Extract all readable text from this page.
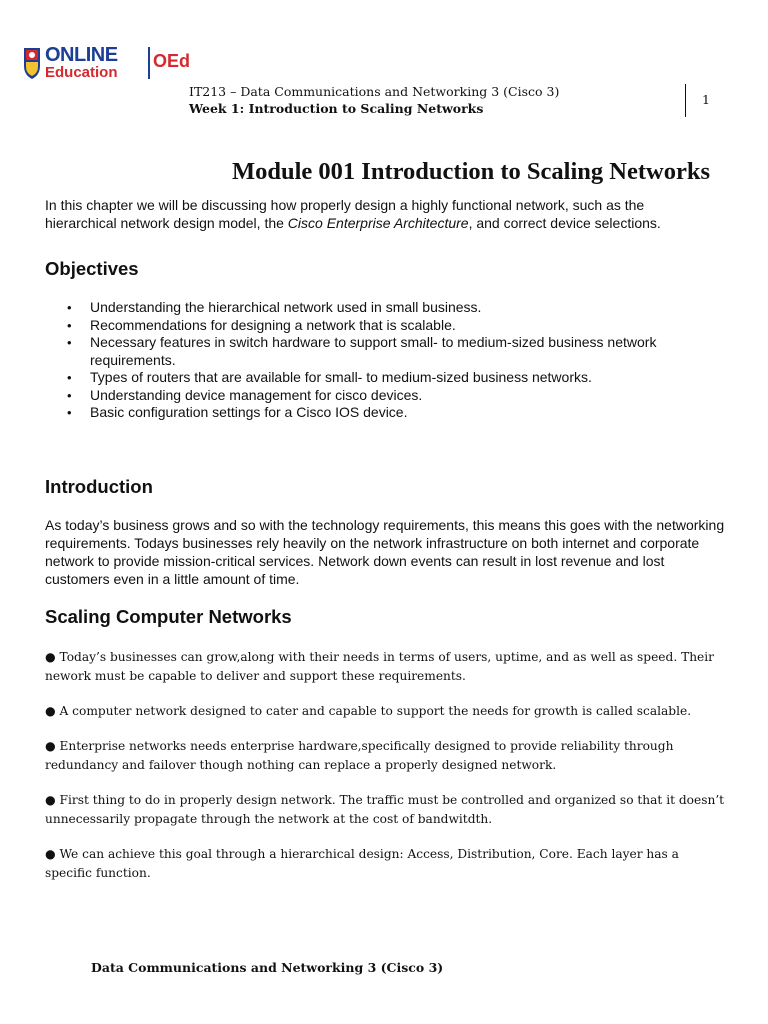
ONLINE
Education
OEd
IT213 – Data Communications and Networking 3 (Cisco 3)
Week 1: Introduction to Scaling Networks
1
Module 001 Introduction to Scaling Networks
In this chapter we will be discussing how properly design a highly functional network, such as the hierarchical network design model, the Cisco Enterprise Architecture, and correct device selections.
Objectives
• Understanding the hierarchical network used in small business.
• Recommendations for designing a network that is scalable.
• Necessary features in switch hardware to support small- to medium-sized business network requirements.
• Types of routers that are available for small- to medium-sized business networks.
• Understanding device management for cisco devices.
• Basic configuration settings for a Cisco IOS device.
Introduction
As today’s business grows and so with the technology requirements, this means this goes with the networking requirements. Todays businesses rely heavily on the network infrastructure on both internet and corporate network to provide mission-critical services. Network down events can result in lost revenue and lost customers even in a little amount of time.
Scaling Computer Networks

● Today’s businesses can grow,along with their needs in terms of users, uptime, and as well as speed. Their nework must be capable to deliver and support these requirements.

● A computer network designed to cater and capable to support the needs for growth is called scalable.

● Enterprise networks needs enterprise hardware,specifically designed to provide reliability through redundancy and failover though nothing can replace a properly designed network.

● First thing to do in properly design network. The traffic must be controlled and organized so that it doesn’t unnecessarily propagate through the network at the cost of bandwitdth.

● We can achieve this goal through a hierarchical design: Access, Distribution, Core. Each layer has a specific function.

Data Communications and Networking 3 (Cisco 3)
